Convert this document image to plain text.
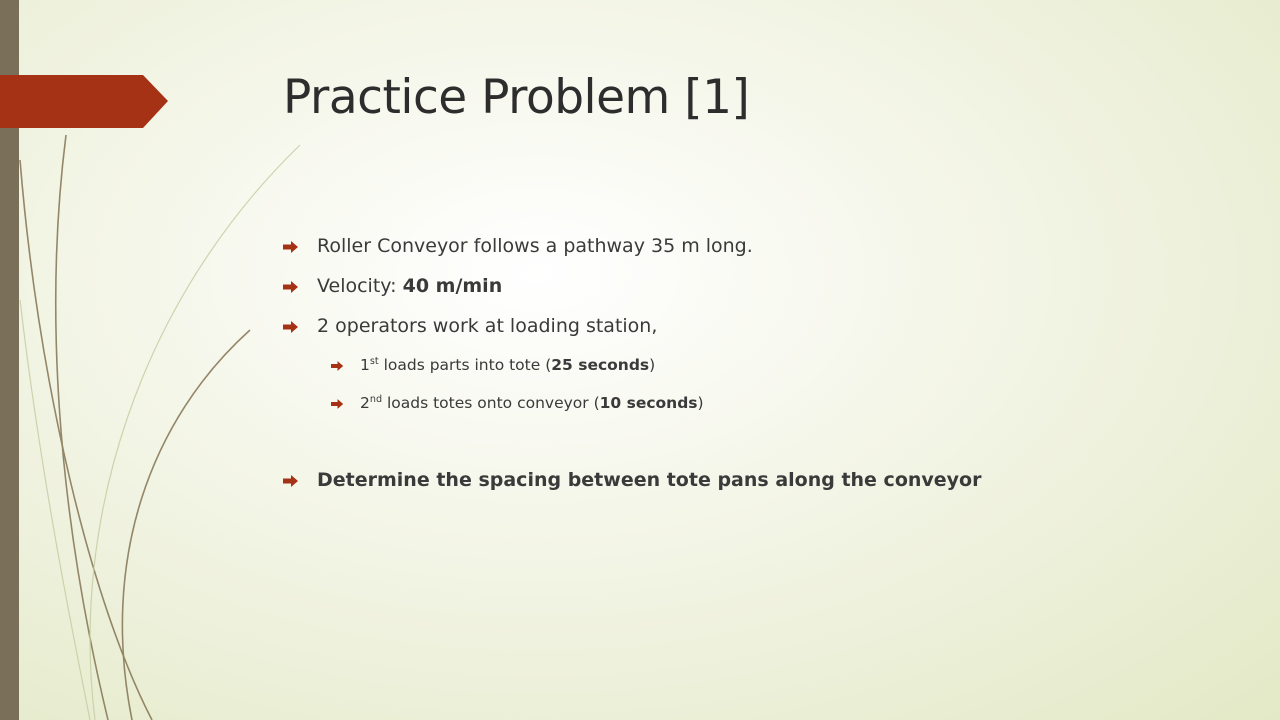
Practice Problem [1]
Roller Conveyor follows a pathway 35 m long.
Velocity: 40 m/min
2 operators work at loading station,
1st loads parts into tote (25 seconds)
2nd loads totes onto conveyor (10 seconds)
Determine the spacing between tote pans along the conveyor
